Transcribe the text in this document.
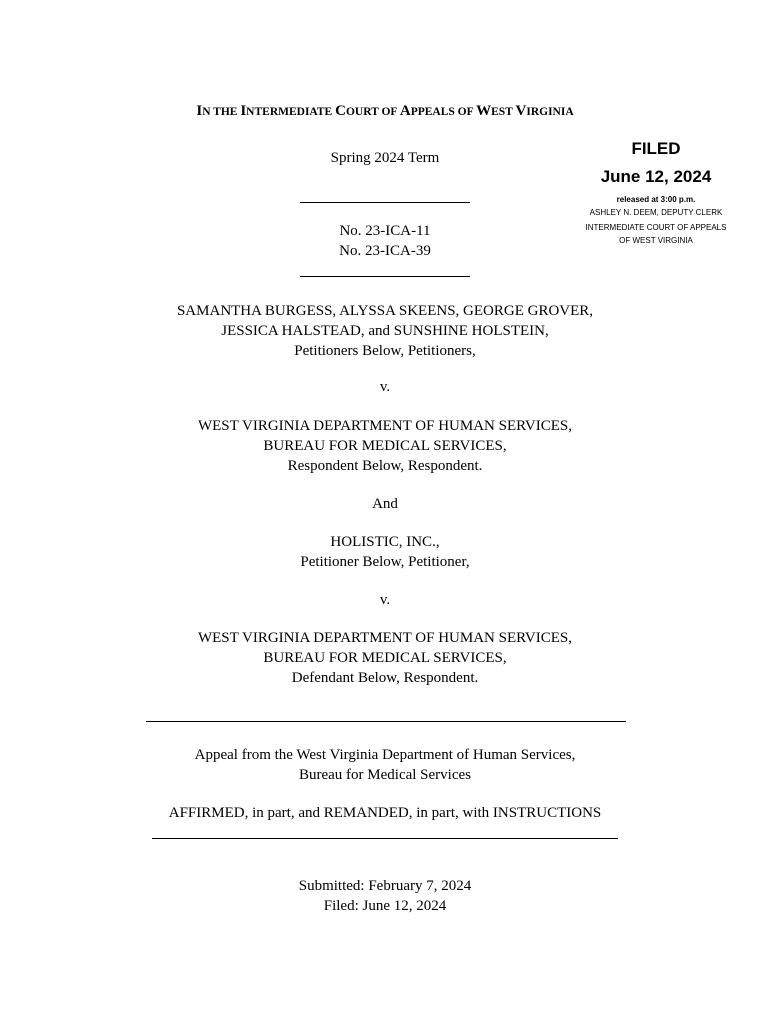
IN THE INTERMEDIATE COURT OF APPEALS OF WEST VIRGINIA
Spring 2024 Term
No. 23-ICA-11
No. 23-ICA-39
FILED
June 12, 2024
released at 3:00 p.m.
ASHLEY N. DEEM, DEPUTY CLERK
INTERMEDIATE COURT OF APPEALS
OF WEST VIRGINIA
SAMANTHA BURGESS, ALYSSA SKEENS, GEORGE GROVER,
JESSICA HALSTEAD, and SUNSHINE HOLSTEIN,
Petitioners Below, Petitioners,
v.
WEST VIRGINIA DEPARTMENT OF HUMAN SERVICES,
BUREAU FOR MEDICAL SERVICES,
Respondent Below, Respondent.
And
HOLISTIC, INC.,
Petitioner Below, Petitioner,
v.
WEST VIRGINIA DEPARTMENT OF HUMAN SERVICES,
BUREAU FOR MEDICAL SERVICES,
Defendant Below, Respondent.
Appeal from the West Virginia Department of Human Services,
Bureau for Medical Services
AFFIRMED, in part, and REMANDED, in part, with INSTRUCTIONS
Submitted: February 7, 2024
Filed: June 12, 2024
